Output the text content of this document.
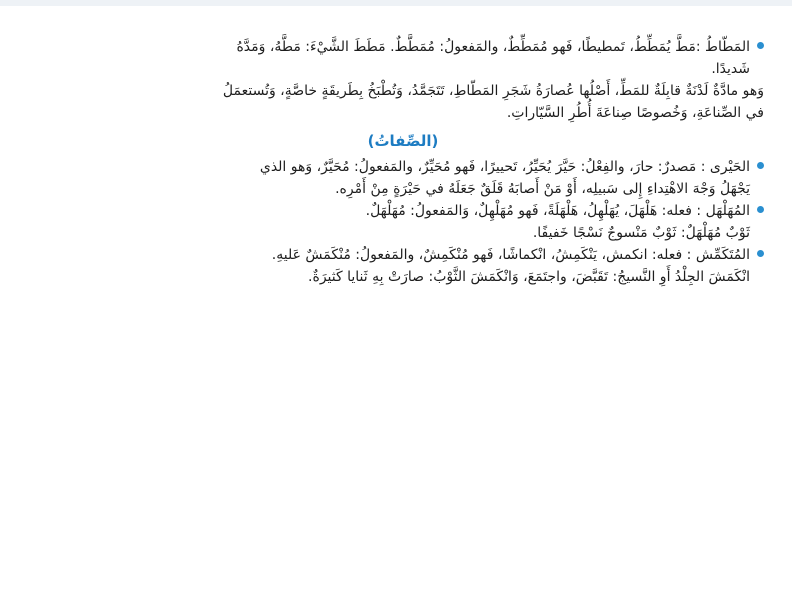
المَطّاطُ :مَطَّ يُمَطِّطُ، تَمطيطًا، فَهو مُمَطِّطٌ، والمَفعولُ: مُمَطَّطٌ. مَطَطَ الشَّيْءَ: مَطَّهُ، وَمَدَّهُ

شَديدًا.

وَهو مادَّةٌ لَدْنَةٌ قابِلَةٌ للمَطِّ، أَصْلُها عُصارَةُ شَجَرِ المَطّاطِ، تَتَجَمَّدُ، وَتُطْبَخُ بِطَريقَةٍ خاصَّةٍ، وَتُستعمَلُ

في الصِّناعَةِ، وَخُصوصًا صِناعَةَ أُطُرِ السَّيّاراتِ.

(الصِّفاتُ)

الحَيْرى : مَصدرٌ: حارَ، والفِعْلُ: حَيَّرَ يُحَيِّرُ، تَحييرًا، فَهو مُحَيِّرٌ، والمَفعولُ: مُحَيَّرٌ، وَهو الذي

يَجْهَلُ وَجْهَ الاهْتِداءِ إِلى سَبيلِه، أَوْ مَنْ أَصابَهُ قَلَقٌ جَعَلَهُ في حَيْرَةٍ مِنْ أَمْرِه.

المُهَلْهَل : فعله: هَلْهَلَ، يُهَلْهِلُ، هَلْهَلَةً، فَهو مُهَلْهِلٌ، وَالمَفعولُ: مُهَلْهَلٌ.

ثَوْبٌ مُهَلْهَلٌ: ثَوْبٌ مَنْسوجٌ نَسْجًا خَفيفًا.

المُتَكَمِّش : فعله: انكمش، يَنْكَمِشُ، انْكماشًا، فَهو مُنْكَمِشٌ، والمَفعولُ: مُنْكَمَشٌ عَليهِ.

انْكَمَشَ الجِلْدُ أَوِ النَّسيجُ: تَقَبَّضَ، واجتَمَعَ، وَانْكَمَشَ الثَّوْبُ: صارَتْ بِهِ ثَنايا كَثيرَةٌ.
